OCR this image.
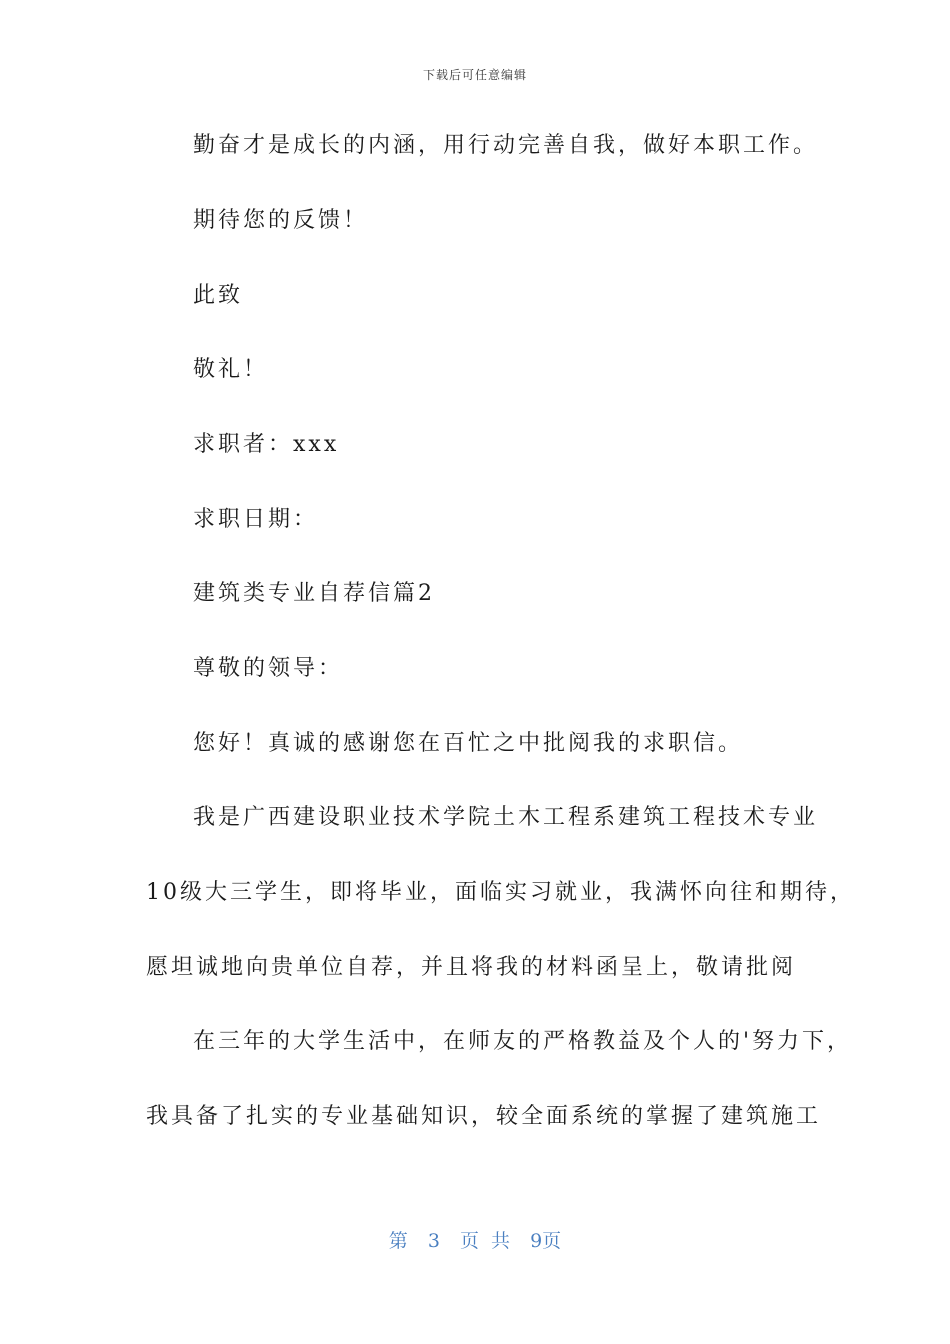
下载后可任意编辑
勤奋才是成长的内涵，用行动完善自我，做好本职工作。
期待您的反馈！
此致
敬礼！
求职者：xxx
求职日期：
建筑类专业自荐信篇2
尊敬的领导：
您好！真诚的感谢您在百忙之中批阅我的求职信。
我是广西建设职业技术学院土木工程系建筑工程技术专业
10级大三学生，即将毕业，面临实习就业，我满怀向往和期待，
愿坦诚地向贵单位自荐，并且将我的材料函呈上，敬请批阅
在三年的大学生活中，在师友的严格教益及个人的'努力下，
我具备了扎实的专业基础知识，较全面系统的掌握了建筑施工
第 3 页 共 9页
